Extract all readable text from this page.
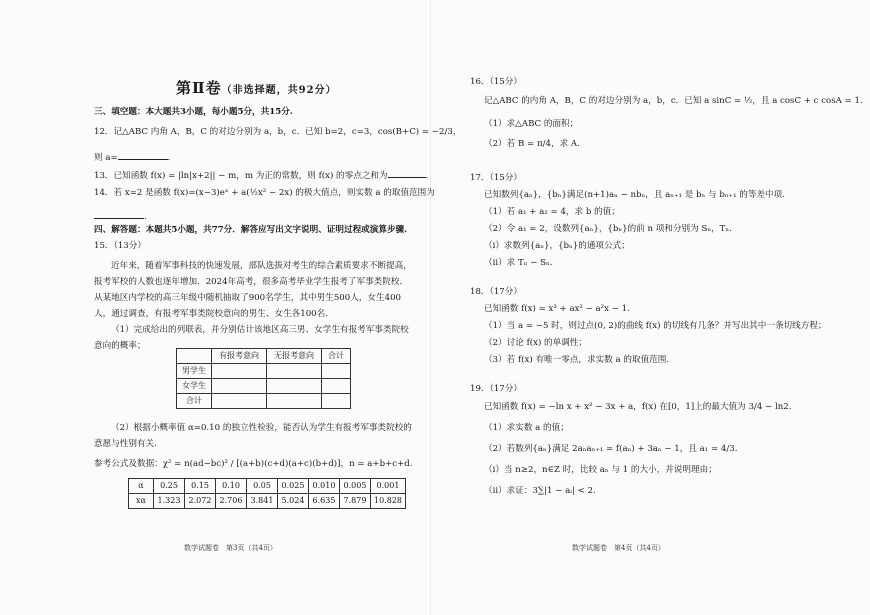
第Ⅱ卷（非选择题，共92分）
三、填空题：本大题共3小题，每小题5分，共15分.
12．记△ABC 内角 A，B，C 的对边分别为 a，b，c．已知 b=2，c=3，cos(B+C) = −2/3，
则 a=	.
13．已知函数 f(x) = |ln|x+2|| − m，m 为正的常数，则 f(x) 的零点之和为	.
14．若 x=2 是函数 f(x)=(x−3)eˣ + a(½x² − 2x) 的极大值点，则实数 a 的取值范围为
.
四、解答题：本题共5小题，共77分．解答应写出文字说明、证明过程或演算步骤.
15．（13分）
近年来，随着军事科技的快速发展，部队选拔对考生的综合素质要求不断提高，报考军校的人数也逐年增加．2024年高考，很多高考毕业学生报考了军事类院校．从某地区内学校的高三年级中随机抽取了900名学生，其中男生500人，女生400人，通过调查，有报考军事类院校意向的男生、女生各100名.
（1）完成给出的列联表，并分别估计该地区高三男、女学生有报考军事类院校意向的概率；
	有报考意向	无报考意向	合计
男学生			
女学生			
合计			
（2）根据小概率值 α=0.10 的独立性检验，能否认为学生有报考军事类院校的意愿与性别有关.
参考公式及数据：χ² = n(ad−bc)² / [(a+b)(c+d)(a+c)(b+d)]，n = a+b+c+d.
α	0.25	0.15	0.10	0.05	0.025	0.010	0.005	0.001
xα	1.323	2.072	2.706	3.841	5.024	6.635	7.879	10.828
数学试题卷　第3页（共4页）
16．（15分）
记△ABC 的内角 A，B，C 的对边分别为 a，b，c．已知 a sinC = ½，且 a cosC + c cosA = 1.
（1）求△ABC 的面积；
（2）若 B = π/4，求 A.
17．（15分）
已知数列{aₙ}，{bₙ}满足(n+1)aₙ − nbₙ，且 aₙ₊₁ 是 bₙ 与 bₙ₊₁ 的等差中项.
（1）若 a₁ + a₂ = 4，求 b 的值；
（2）令 a₁ = 2，设数列{aₙ}，{bₙ}的前 n 项和分别为 Sₙ，Tₙ.
（i）求数列{aₙ}，{bₙ}的通项公式；
（ii）求 Tₙ − Sₙ.
18．（17分）
已知函数 f(x) = x³ + ax² − a²x − 1.
（1）当 a = −5 时，则过点(0, 2)的曲线 f(x) 的切线有几条？并写出其中一条切线方程；
（2）讨论 f(x) 的单调性；
（3）若 f(x) 有唯一零点，求实数 a 的取值范围.
19．（17分）
已知函数 f(x) = −ln x + x² − 3x + a，f(x) 在[0，1]上的最大值为 3/4 − ln2.
（1）求实数 a 的值；
（2）若数列{aₙ}满足 2aₙaₙ₊₁ = f(aₙ) + 3aₙ − 1，且 a₁ = 4/3.
（i）当 n≥2，n∈Z 时，比较 aₙ 与 1 的大小，并说明理由；
（ii）求证：3∑|1 − aᵢ| < 2.
数学试题卷　第4页（共4页）
